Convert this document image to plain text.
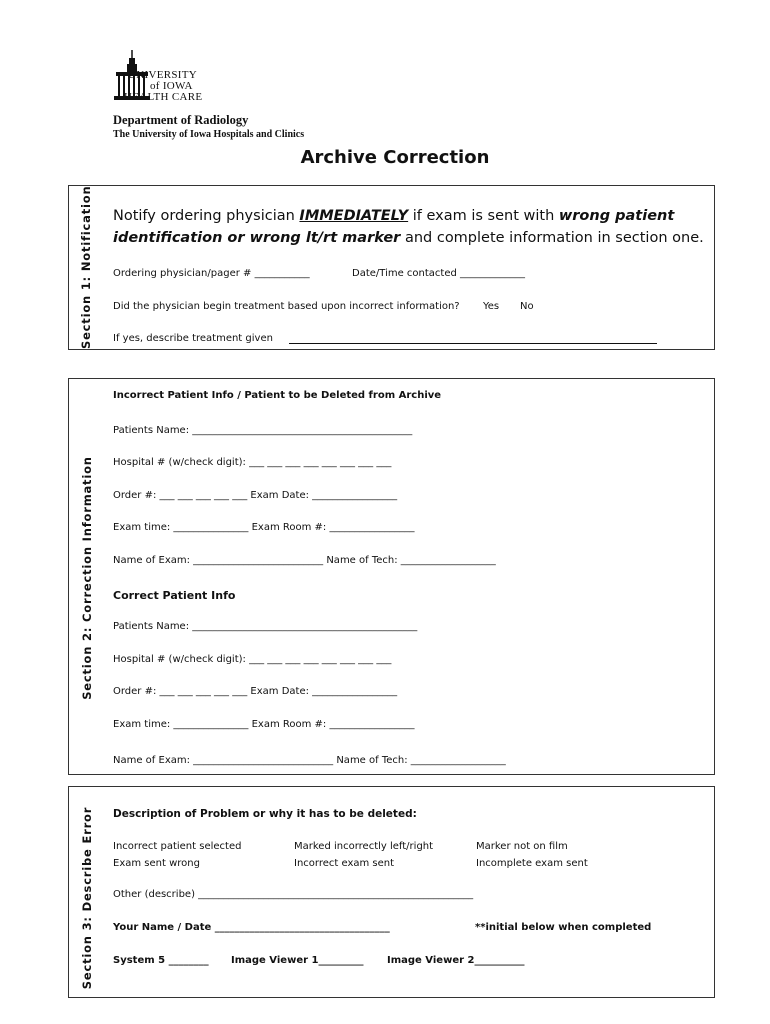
UNIVERSITY
of IOWA
HEALTH CARE
Department of Radiology
The University of Iowa Hospitals and Clinics
Archive Correction
Section 1: Notification Notify ordering physician IMMEDIATELY if exam is sent with wrong patient
identification or wrong lt/rt marker and complete information in section one.
Ordering physician/pager # ___________	Date/Time contacted _____________
Did the physician begin treatment based upon incorrect information? Yes No
If yes, describe treatment given
Section 2: Correction Information
Incorrect Patient Info / Patient to be Deleted from Archive
Patients Name: ____________________________________________
Hospital # (w/check digit): ___ ___ ___ ___ ___ ___ ___ ___
Order #: ___ ___ ___ ___ ___ Exam Date: _________________
Exam time: _______________ Exam Room #: _________________
Name of Exam: __________________________ Name of Tech: ___________________
Correct Patient Info
Patients Name: _____________________________________________
Hospital # (w/check digit): ___ ___ ___ ___ ___ ___ ___ ___
Order #: ___ ___ ___ ___ ___ Exam Date: _________________
Exam time: _______________ Exam Room #: _________________
Name of Exam: ____________________________ Name of Tech: ___________________
Section 3: Describe Error Description of Problem or why it has to be deleted:
Incorrect patient selected	Marked incorrectly left/right	Marker not on film
Exam sent wrong	Incorrect exam sent	Incomplete exam sent
Other (describe) _______________________________________________________
Your Name / Date ___________________________________	**initial below when completed
System 5 ________ Image Viewer 1_________ Image Viewer 2__________
